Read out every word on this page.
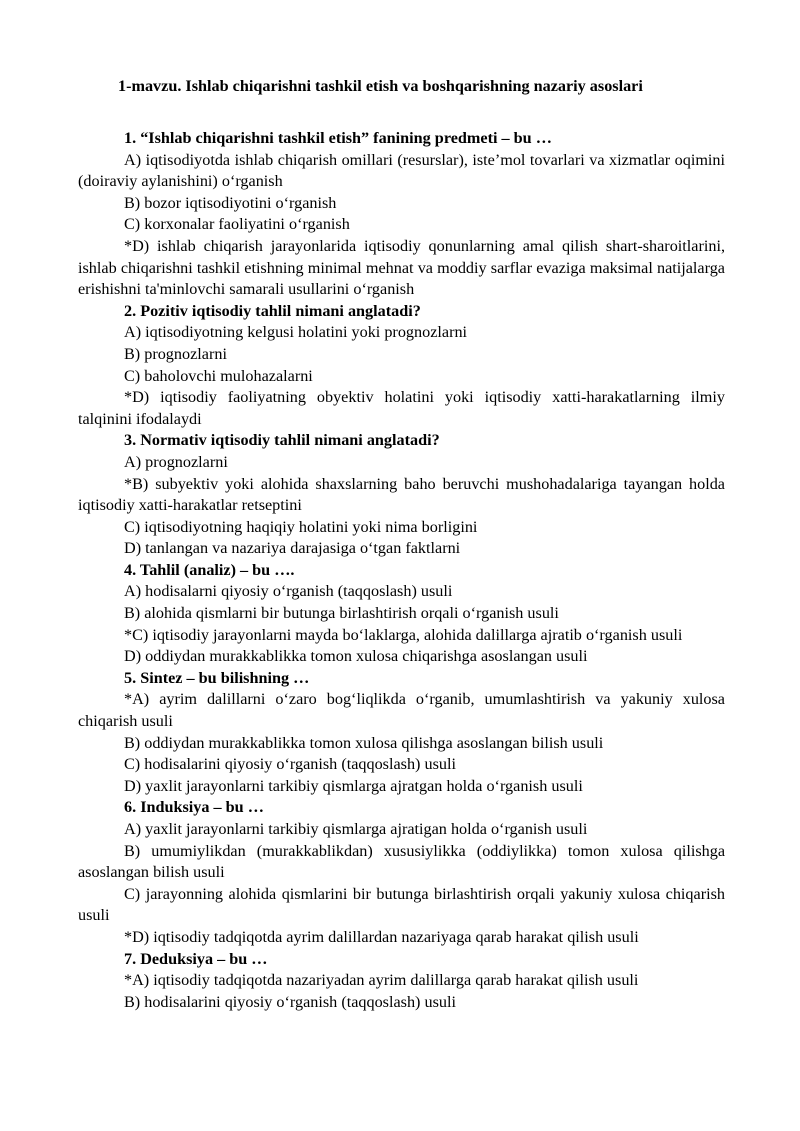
1-mavzu. Ishlab chiqarishni tashkil etish va boshqarishning nazariy asoslari

1. “Ishlab chiqarishni tashkil etish” fanining predmeti – bu …

A) iqtisodiyotda ishlab chiqarish omillari (resurslar), iste’mol tovarlari va xizmatlar oqimini (doiraviy aylanishini) o‘rganish

B) bozor iqtisodiyotini o‘rganish

C) korxonalar faoliyatini o‘rganish

*D) ishlab chiqarish jarayonlarida iqtisodiy qonunlarning amal qilish shart-sharoitlarini, ishlab chiqarishni tashkil etishning minimal mehnat va moddiy sarflar evaziga maksimal natijalarga erishishni ta'minlovchi samarali usullarini o‘rganish

2. Pozitiv iqtisodiy tahlil nimani anglatadi?

A) iqtisodiyotning kelgusi holatini yoki prognozlarni

B) prognozlarni

C) baholovchi mulohazalarni

*D) iqtisodiy faoliyatning obyektiv holatini yoki iqtisodiy xatti-harakatlarning ilmiy talqinini ifodalaydi

3. Normativ iqtisodiy tahlil nimani anglatadi?

A) prognozlarni

*B) subyektiv yoki alohida shaxslarning baho beruvchi mushohadalariga tayangan holda iqtisodiy xatti-harakatlar retseptini

C) iqtisodiyotning haqiqiy holatini yoki nima borligini

D) tanlangan va nazariya darajasiga o‘tgan faktlarni

4. Tahlil (analiz) – bu ….

A) hodisalarni qiyosiy o‘rganish (taqqoslash) usuli

B) alohida qismlarni bir butunga birlashtirish orqali o‘rganish usuli

*C) iqtisodiy jarayonlarni mayda bo‘laklarga, alohida dalillarga ajratib o‘rganish usuli

D) oddiydan murakkablikka tomon xulosa chiqarishga asoslangan usuli

5. Sintez – bu bilishning …

*A) ayrim dalillarni o‘zaro bog‘liqlikda o‘rganib, umumlashtirish va yakuniy xulosa chiqarish usuli

B) oddiydan murakkablikka tomon xulosa qilishga asoslangan bilish usuli

C) hodisalarini qiyosiy o‘rganish (taqqoslash) usuli

D) yaxlit jarayonlarni tarkibiy qismlarga ajratgan holda o‘rganish usuli

6. Induksiya – bu …

A) yaxlit jarayonlarni tarkibiy qismlarga ajratigan holda o‘rganish usuli

B) umumiylikdan (murakkablikdan) xususiylikka (oddiylikka) tomon xulosa qilishga asoslangan bilish usuli

C) jarayonning alohida qismlarini bir butunga birlashtirish orqali yakuniy xulosa chiqarish usuli

*D) iqtisodiy tadqiqotda ayrim dalillardan nazariyaga qarab harakat qilish usuli

7. Deduksiya – bu …

*A) iqtisodiy tadqiqotda nazariyadan ayrim dalillarga qarab harakat qilish usuli

B) hodisalarini qiyosiy o‘rganish (taqqoslash) usuli
